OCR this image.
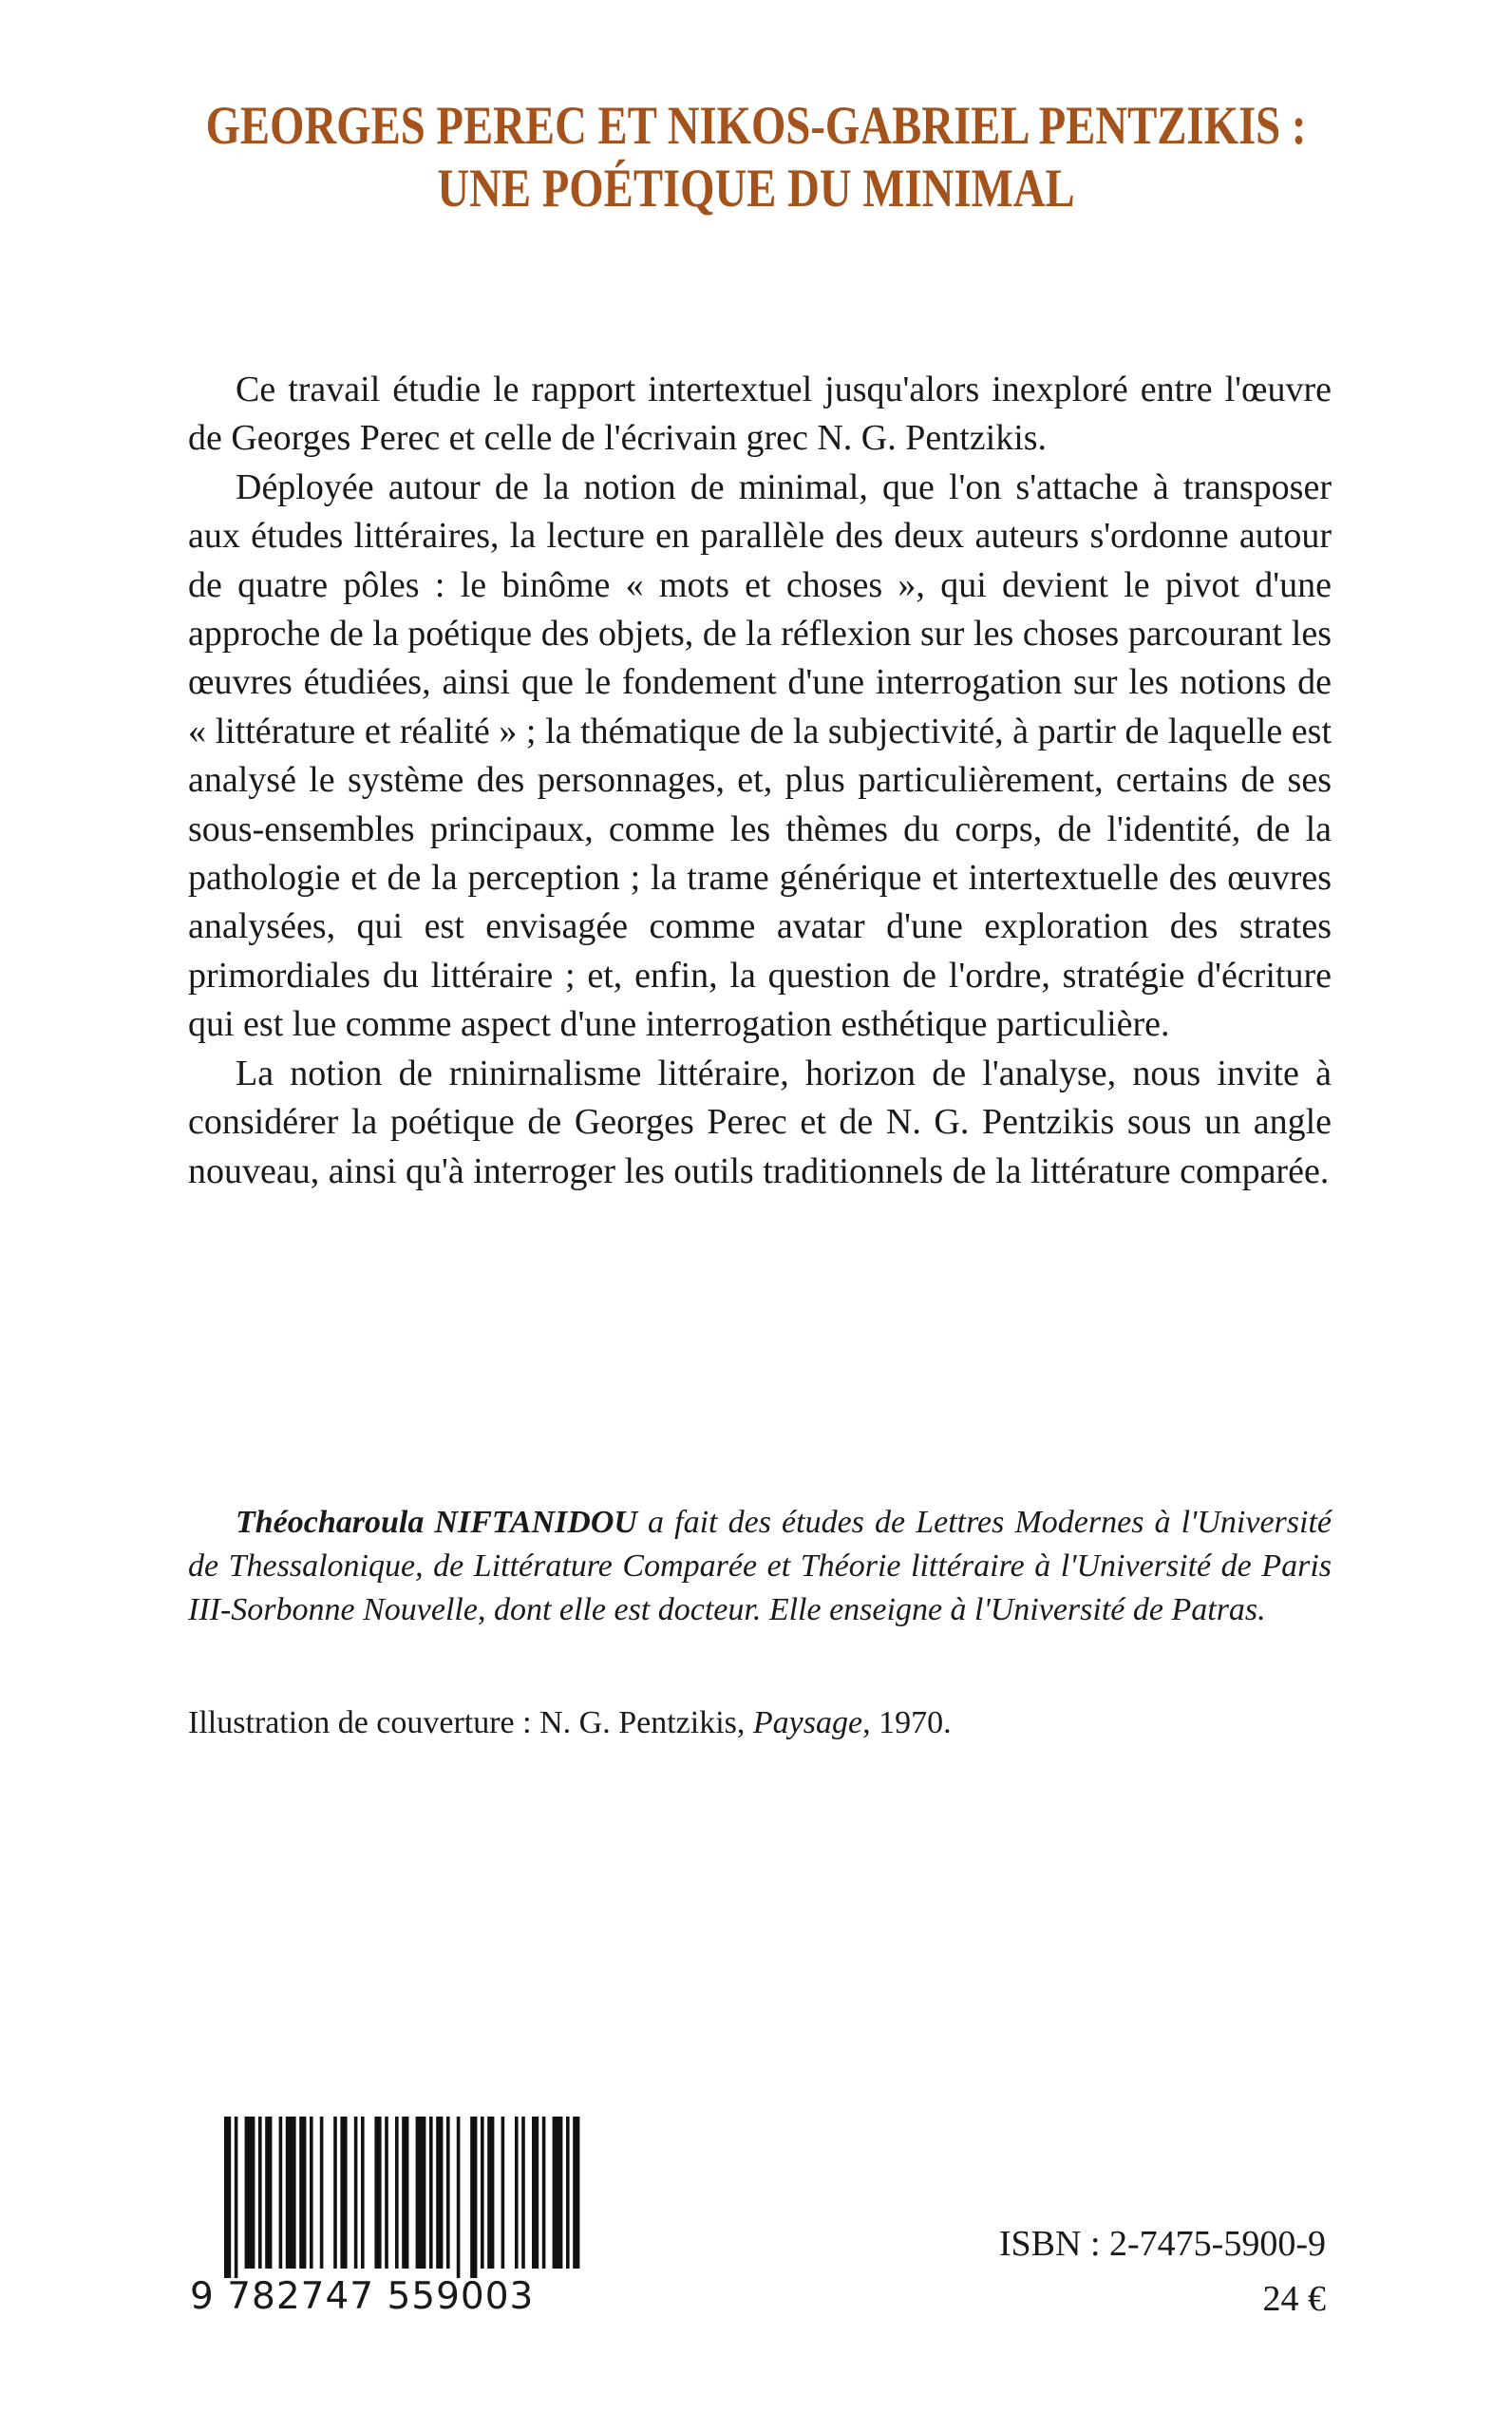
GEORGES PEREC ET NIKOS-GABRIEL PENTZIKIS :
UNE POÉTIQUE DU MINIMAL

Ce travail étudie le rapport intertextuel jusqu'alors inexploré entre l'œuvre de Georges Perec et celle de l'écrivain grec N. G. Pentzikis.

Déployée autour de la notion de minimal, que l'on s'attache à transposer aux études littéraires, la lecture en parallèle des deux auteurs s'ordonne autour de quatre pôles : le binôme « mots et choses », qui devient le pivot d'une approche de la poétique des objets, de la réflexion sur les choses parcourant les œuvres étudiées, ainsi que le fondement d'une interrogation sur les notions de « littérature et réalité » ; la thématique de la subjectivité, à partir de laquelle est analysé le système des personnages, et, plus particulièrement, certains de ses sous-ensembles principaux, comme les thèmes du corps, de l'identité, de la pathologie et de la perception ; la trame générique et intertextuelle des œuvres analysées, qui est envisagée comme avatar d'une exploration des strates primordiales du littéraire ; et, enfin, la question de l'ordre, stratégie d'écriture qui est lue comme aspect d'une interrogation esthétique particulière.

La notion de rninirnalisme littéraire, horizon de l'analyse, nous invite à considérer la poétique de Georges Perec et de N. G. Pentzikis sous un angle nouveau, ainsi qu'à interroger les outils traditionnels de la littérature comparée.

Théocharoula NIFTANIDOU a fait des études de Lettres Modernes à l'Université de Thessalonique, de Littérature Comparée et Théorie littéraire à l'Université de Paris III-Sorbonne Nouvelle, dont elle est docteur. Elle enseigne à l'Université de Patras.

Illustration de couverture : N. G. Pentzikis, Paysage, 1970.

9 782747 559003
ISBN : 2-7475-5900-9
24 €
